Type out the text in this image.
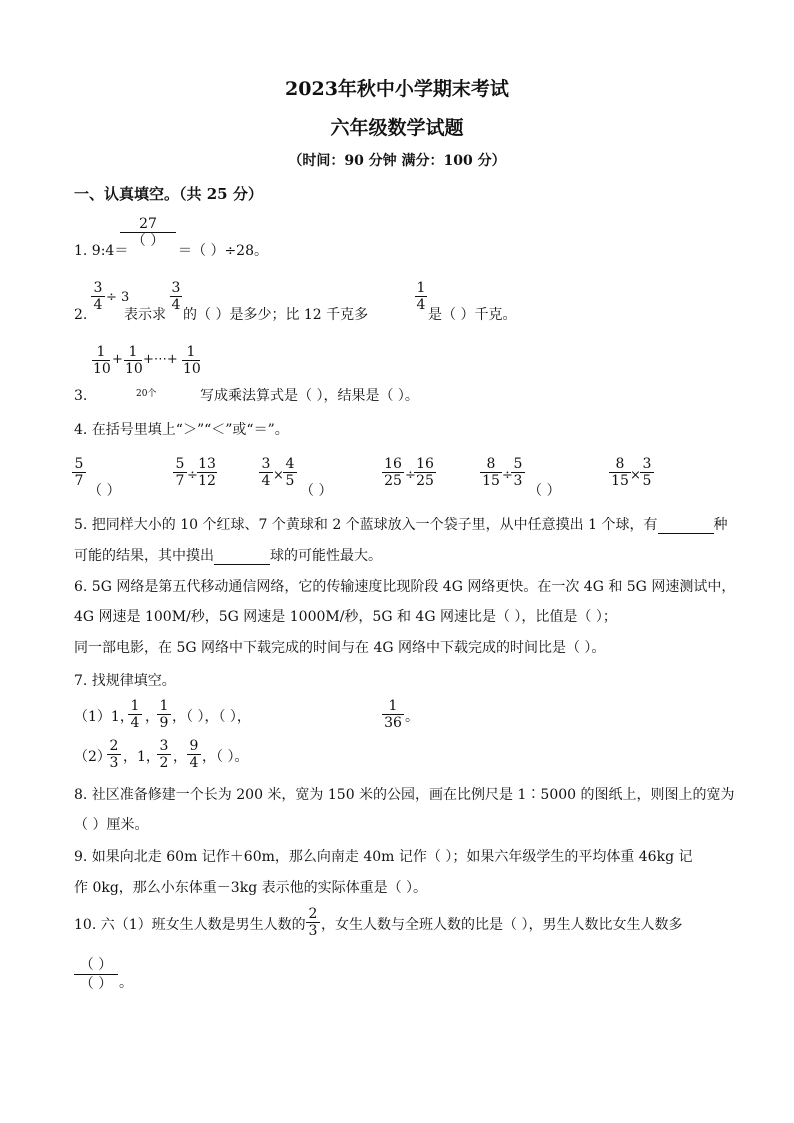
2023年秋中小学期末考试
六年级数学试题
（时间：90 分钟 满分：100 分）
一、认真填空。（共 25 分）
27
（ ）
1. 9:4＝	＝（ ）÷28。
2.
$\frac{3}{4} \div 3$
表示求
$\frac{3}{4}$
的（ ）是多少；比 12 千克多
$\frac{1}{4}$
是（ ）千克。
$\frac{1}{10} + \frac{1}{10}$ +⋯+ $\frac{1}{10}$
20个
3.	写成乘法算式是（ ），结果是（ ）。
4. 在括号里填上“＞”“＜”或“＝”。
$\frac{5}{7}$
（ ）
$\frac{5}{7} \div \frac{13}{12}$	$\frac{3}{4} \times \frac{4}{5}$
（ ）
$\frac{16}{25}$ ÷
$\frac{16}{25}$	$\frac{8}{15}$ ÷
$\frac{5}{3}$
（ ）
$\frac{8}{15} \times \frac{3}{5}$
5. 把同样大小的 10 个红球、7 个黄球和 2 个蓝球放入一个袋子里，从中任意摸出 1 个球，有	种
可能的结果，其中摸出	球的可能性最大。
6. 5G 网络是第五代移动通信网络，它的传输速度比现阶段 4G 网络更快。在一次 4G 和 5G 网速测试中，
4G 网速是 100M/秒，5G 网速是 1000M/秒，5G 和 4G 网速比是（ ），比值是（ ）；
同一部电影，在 5G 网络中下载完成的时间与在 4G 网络中下载完成的时间比是（ ）。
7. 找规律填空。
（1）1，
$\frac{1}{4}$ ，
$\frac{1}{9}$ ，（ ），（ ），	$\frac{1}{36}$ 。
（2）
$\frac{2}{3}$ ，1，
$\frac{3}{2}$ ， $\frac{9}{4}$ ，（ ）。
8. 社区准备修建一个长为 200 米，宽为 150 米的公园，画在比例尺是 1∶5000 的图纸上，则图上的宽为
（ ）厘米。
9. 如果向北走 60m 记作＋60m，那么向南走 40m 记作（ ）；如果六年级学生的平均体重 46kg 记
作 0kg，那么小东体重－3kg 表示他的实际体重是（ ）。
10. 六（1）班女生人数是男生人数的 $\frac{2}{3}$ ，女生人数与全班人数的比是（ ），男生人数比女生人数多
（ ）
（ ） 。
